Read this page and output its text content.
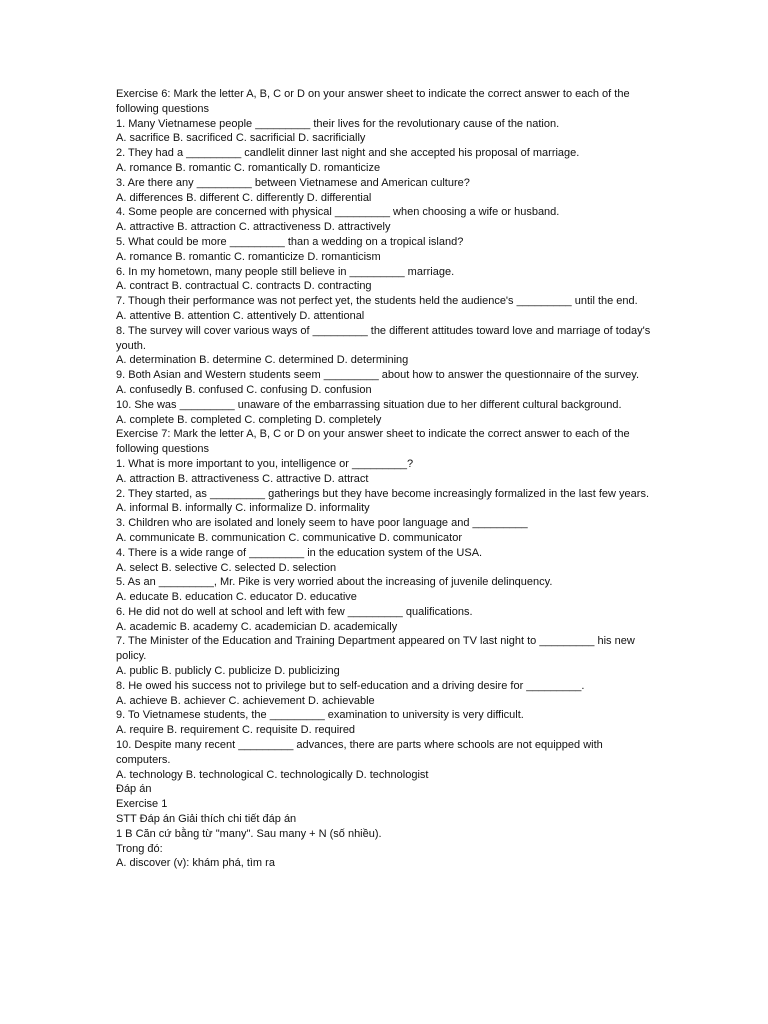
Exercise 6: Mark the letter A, B, C or D on your answer sheet to indicate the correct answer to each of the following questions

1. Many Vietnamese people _________ their lives for the revolutionary cause of the nation.

A. sacrifice B. sacrificed C. sacrificial D. sacrificially

2. They had a _________ candlelit dinner last night and she accepted his proposal of marriage.

A. romance B. romantic C. romantically D. romanticize

3. Are there any _________ between Vietnamese and American culture?

A. differences B. different C. differently D. differential

4. Some people are concerned with physical _________ when choosing a wife or husband.

A. attractive B. attraction C. attractiveness D. attractively

5. What could be more _________ than a wedding on a tropical island?

A. romance B. romantic C. romanticize D. romanticism

6. In my hometown, many people still believe in _________ marriage.

A. contract B. contractual C. contracts D. contracting

7. Though their performance was not perfect yet, the students held the audience's _________ until the end.

A. attentive B. attention C. attentively D. attentional

8. The survey will cover various ways of _________ the different attitudes toward love and marriage of today's youth.

A. determination B. determine C. determined D. determining

9. Both Asian and Western students seem _________ about how to answer the questionnaire of the survey.

A. confusedly B. confused C. confusing D. confusion

10. She was _________ unaware of the embarrassing situation due to her different cultural background.

A. complete B. completed C. completing D. completely

Exercise 7: Mark the letter A, B, C or D on your answer sheet to indicate the correct answer to each of the following questions

1. What is more important to you, intelligence or _________?

A. attraction B. attractiveness C. attractive D. attract

2. They started, as _________ gatherings but they have become increasingly formalized in the last few years.

A. informal B. informally C. informalize D. informality

3. Children who are isolated and lonely seem to have poor language and _________

A. communicate B. communication C. communicative D. communicator

4. There is a wide range of _________ in the education system of the USA.

A. select B. selective C. selected D. selection

5. As an _________, Mr. Pike is very worried about the increasing of juvenile delinquency.

A. educate B. education C. educator D. educative

6. He did not do well at school and left with few _________ qualifications.

A. academic B. academy C. academician D. academically

7. The Minister of the Education and Training Department appeared on TV last night to _________ his new policy.

A. public B. publicly C. publicize D. publicizing

8. He owed his success not to privilege but to self-education and a driving desire for _________.

A. achieve B. achiever C. achievement D. achievable

9. To Vietnamese students, the _________ examination to university is very difficult.

A. require B. requirement C. requisite D. required

10. Despite many recent _________ advances, there are parts where schools are not equipped with computers.

A. technology B. technological C. technologically D. technologist

Đáp án

Exercise 1

STT Đáp án Giải thích chi tiết đáp án

1 B Căn cứ bằng từ "many". Sau many + N (số nhiều).

Trong đó:

A. discover (v): khám phá, tìm ra
